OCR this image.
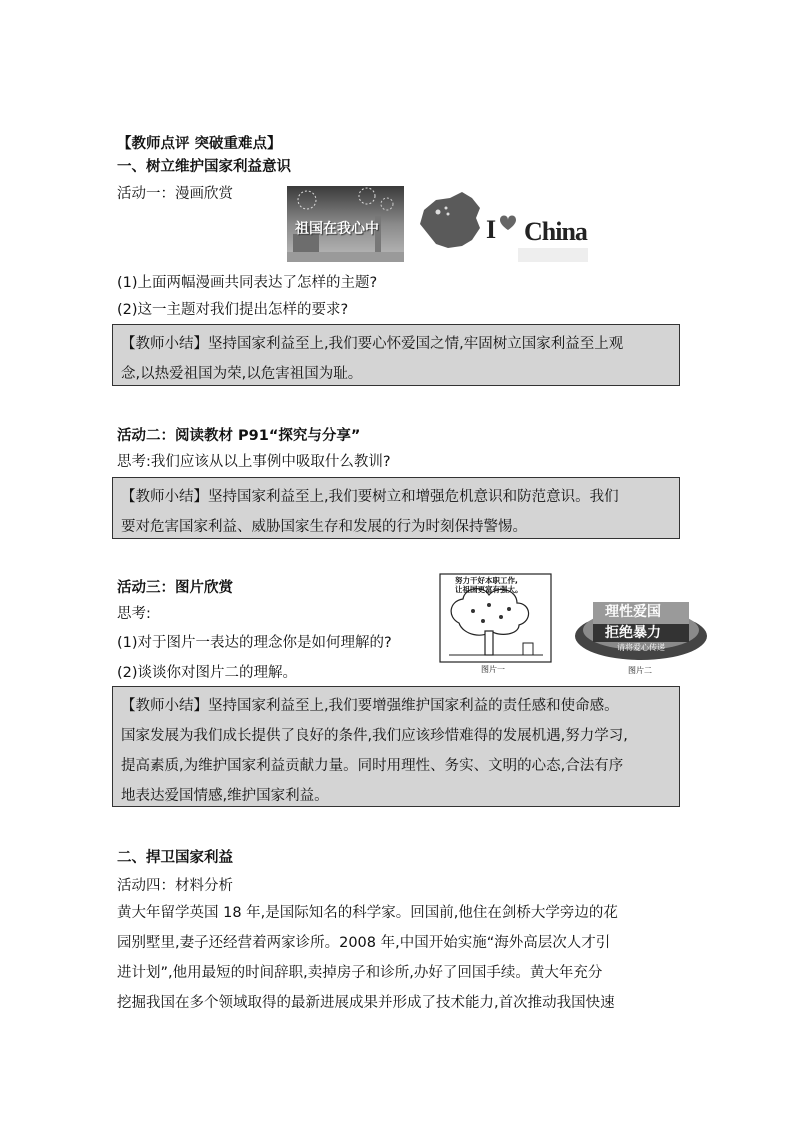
【教师点评 突破重难点】
一、树立维护国家利益意识
活动一：漫画欣赏
祖国在我心中	I China
(1)上面两幅漫画共同表达了怎样的主题?
(2)这一主题对我们提出怎样的要求?

【教师小结】坚持国家利益至上,我们要心怀爱国之情,牢固树立国家利益至上观

念,以热爱祖国为荣,以危害祖国为耻。

活动二：阅读教材 P91“探究与分享”
思考:我们应该从以上事例中吸取什么教训?

【教师小结】坚持国家利益至上,我们要树立和增强危机意识和防范意识。我们

要对危害国家利益、威胁国家生存和发展的行为时刻保持警惕。

活动三：图片欣赏
思考:
(1)对于图片一表达的理念你是如何理解的?
(2)谈谈你对图片二的理解。
努力干好本职工作,
让祖国更富有强大。
图片一
理性爱国
拒绝暴力
请将爱心传递
图片二

【教师小结】坚持国家利益至上,我们要增强维护国家利益的责任感和使命感。

国家发展为我们成长提供了良好的条件,我们应该珍惜难得的发展机遇,努力学习,

提高素质,为维护国家利益贡献力量。同时用理性、务实、文明的心态,合法有序

地表达爱国情感,维护国家利益。

二、捍卫国家利益
活动四：材料分析

黄大年留学英国 18 年,是国际知名的科学家。回国前,他住在剑桥大学旁边的花

园别墅里,妻子还经营着两家诊所。2008 年,中国开始实施“海外高层次人才引

进计划”,他用最短的时间辞职,卖掉房子和诊所,办好了回国手续。黄大年充分

挖掘我国在多个领域取得的最新进展成果并形成了技术能力,首次推动我国快速
